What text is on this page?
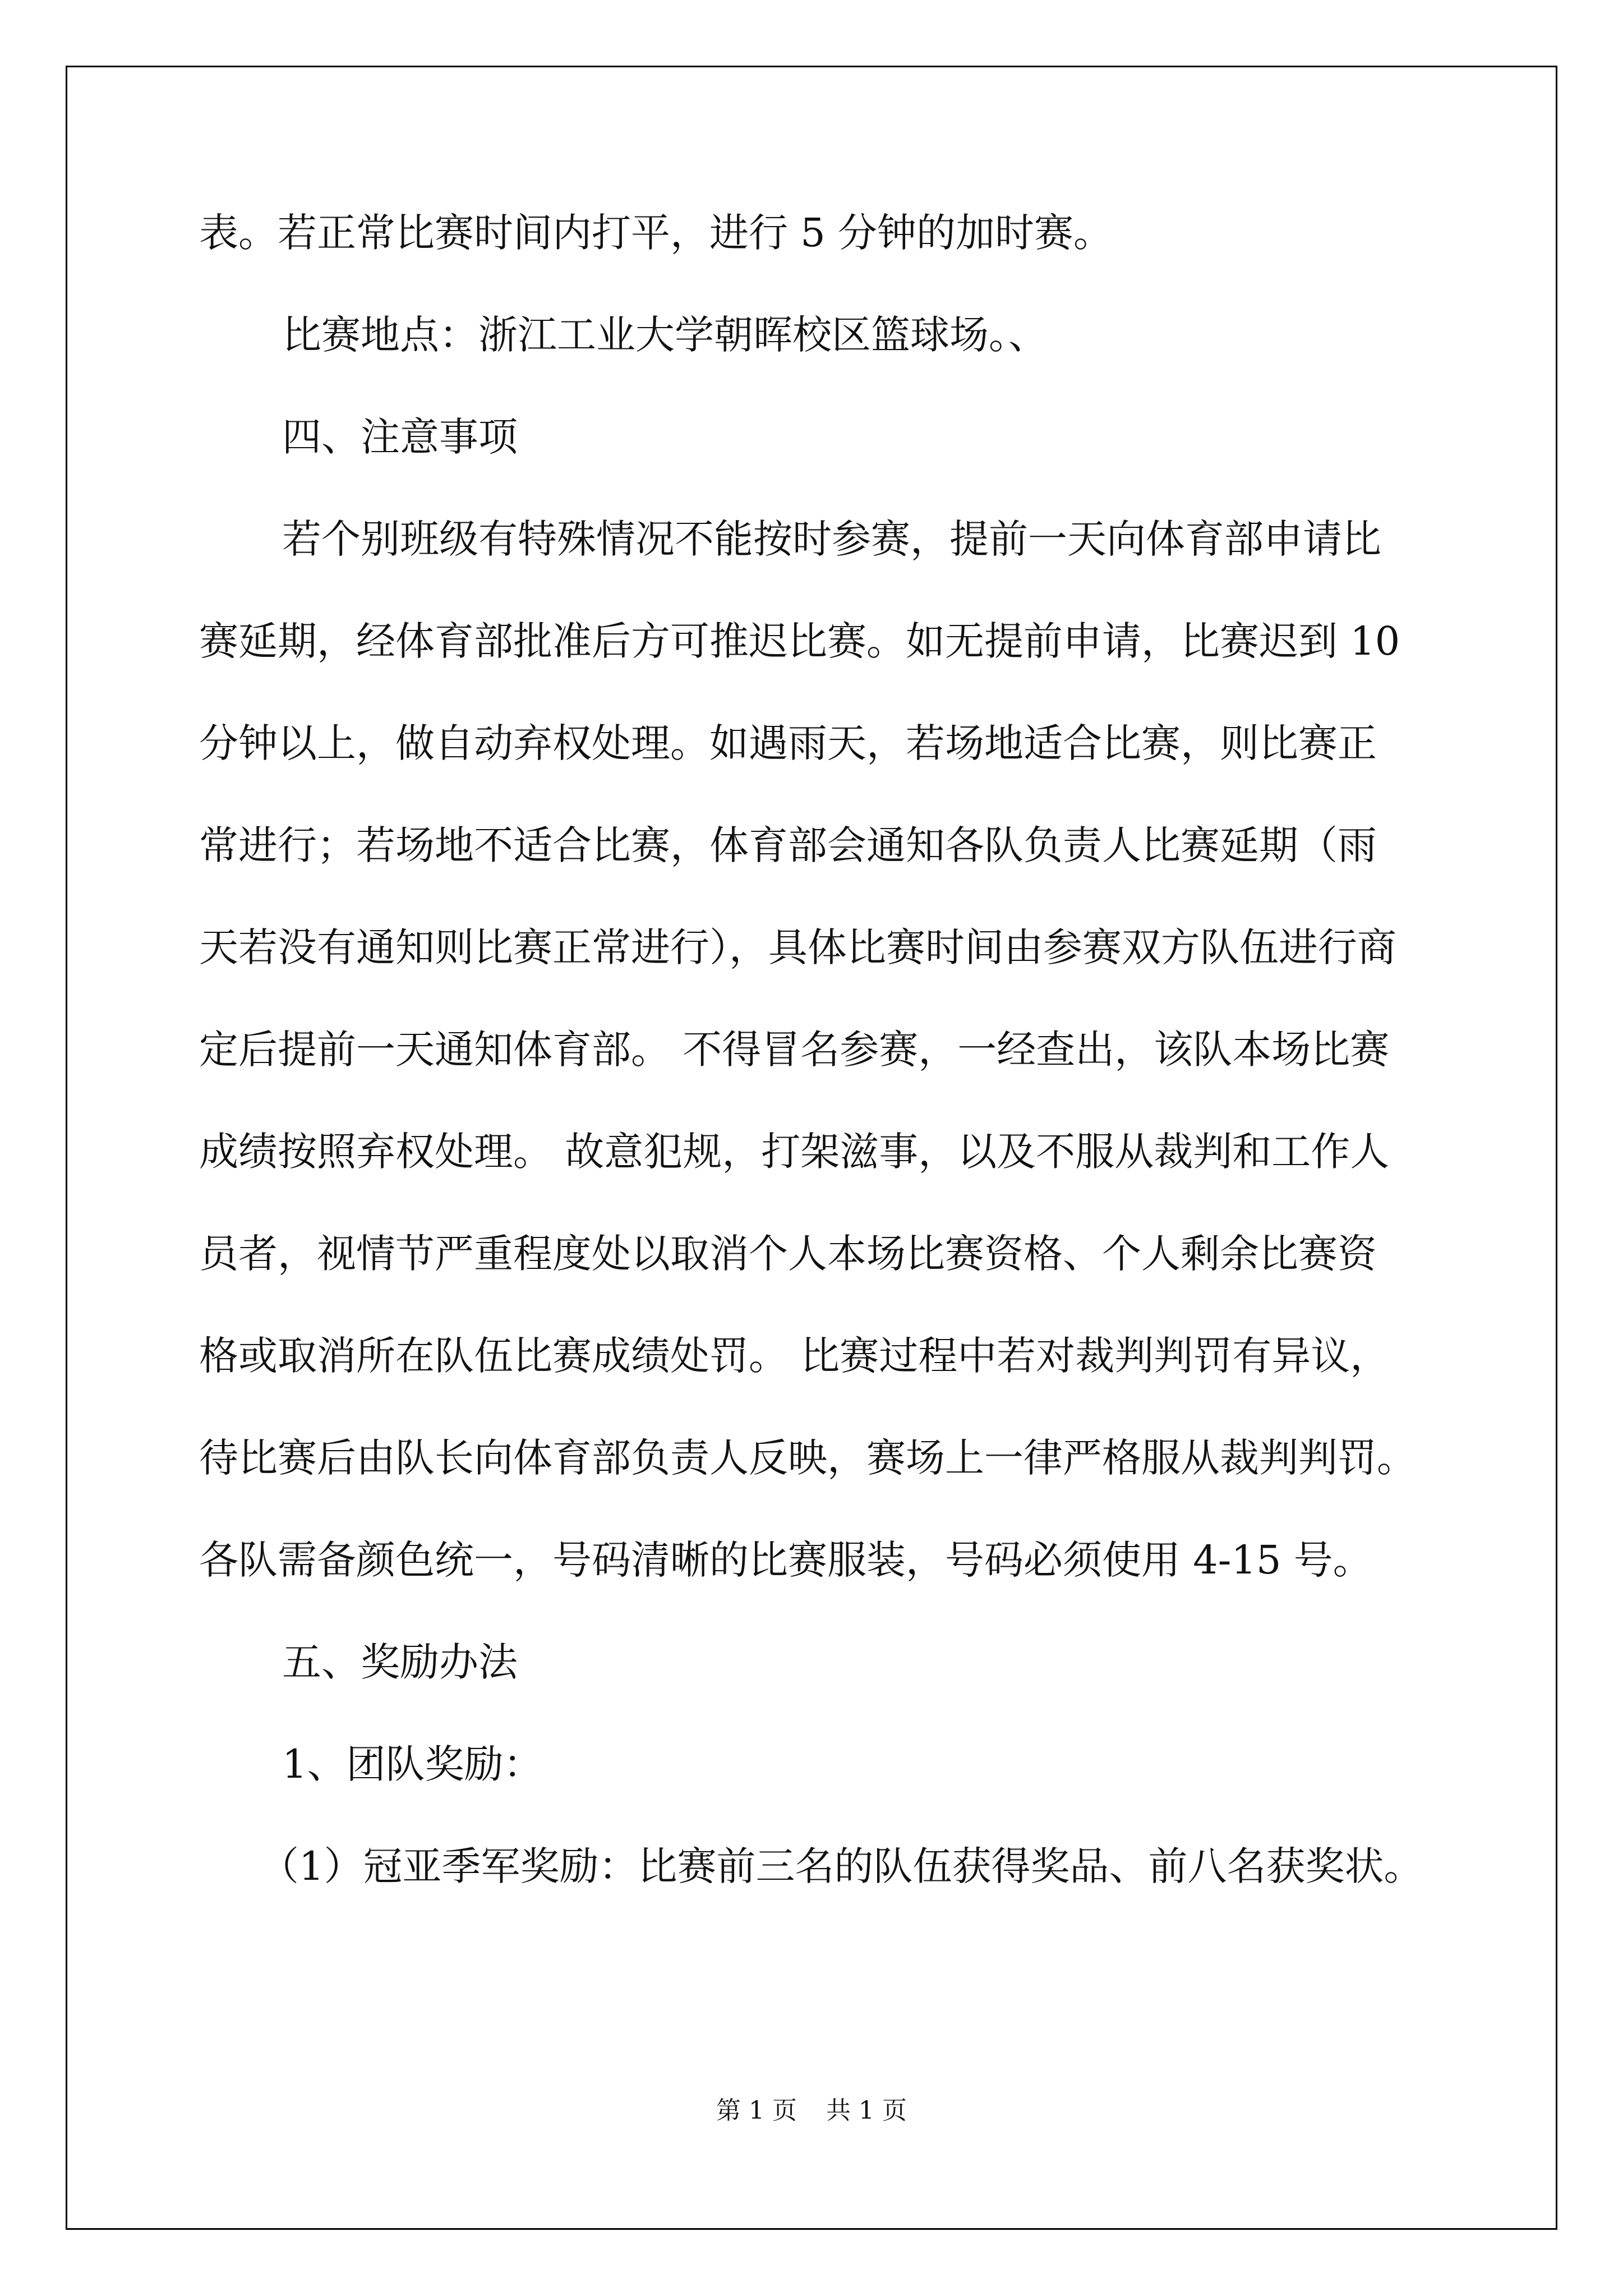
表。若正常比赛时间内打平，进行 5 分钟的加时赛。
比赛地点：浙江工业大学朝晖校区篮球场。、
四、注意事项
若个别班级有特殊情况不能按时参赛，提前一天向体育部申请比
赛延期，经体育部批准后方可推迟比赛。如无提前申请，比赛迟到 10
分钟以上，做自动弃权处理。如遇雨天，若场地适合比赛，则比赛正
常进行；若场地不适合比赛，体育部会通知各队负责人比赛延期（雨
天若没有通知则比赛正常进行），具体比赛时间由参赛双方队伍进行商
定后提前一天通知体育部。 不得冒名参赛，一经查出，该队本场比赛
成绩按照弃权处理。 故意犯规，打架滋事，以及不服从裁判和工作人
员者，视情节严重程度处以取消个人本场比赛资格、个人剩余比赛资
格或取消所在队伍比赛成绩处罚。 比赛过程中若对裁判判罚有异议，
待比赛后由队长向体育部负责人反映，赛场上一律严格服从裁判判罚。
各队需备颜色统一，号码清晰的比赛服装，号码必须使用 4-15 号。
五、奖励办法
1、团队奖励：
（1）冠亚季军奖励：比赛前三名的队伍获得奖品、前八名获奖状。
第 1 页 共 1 页
